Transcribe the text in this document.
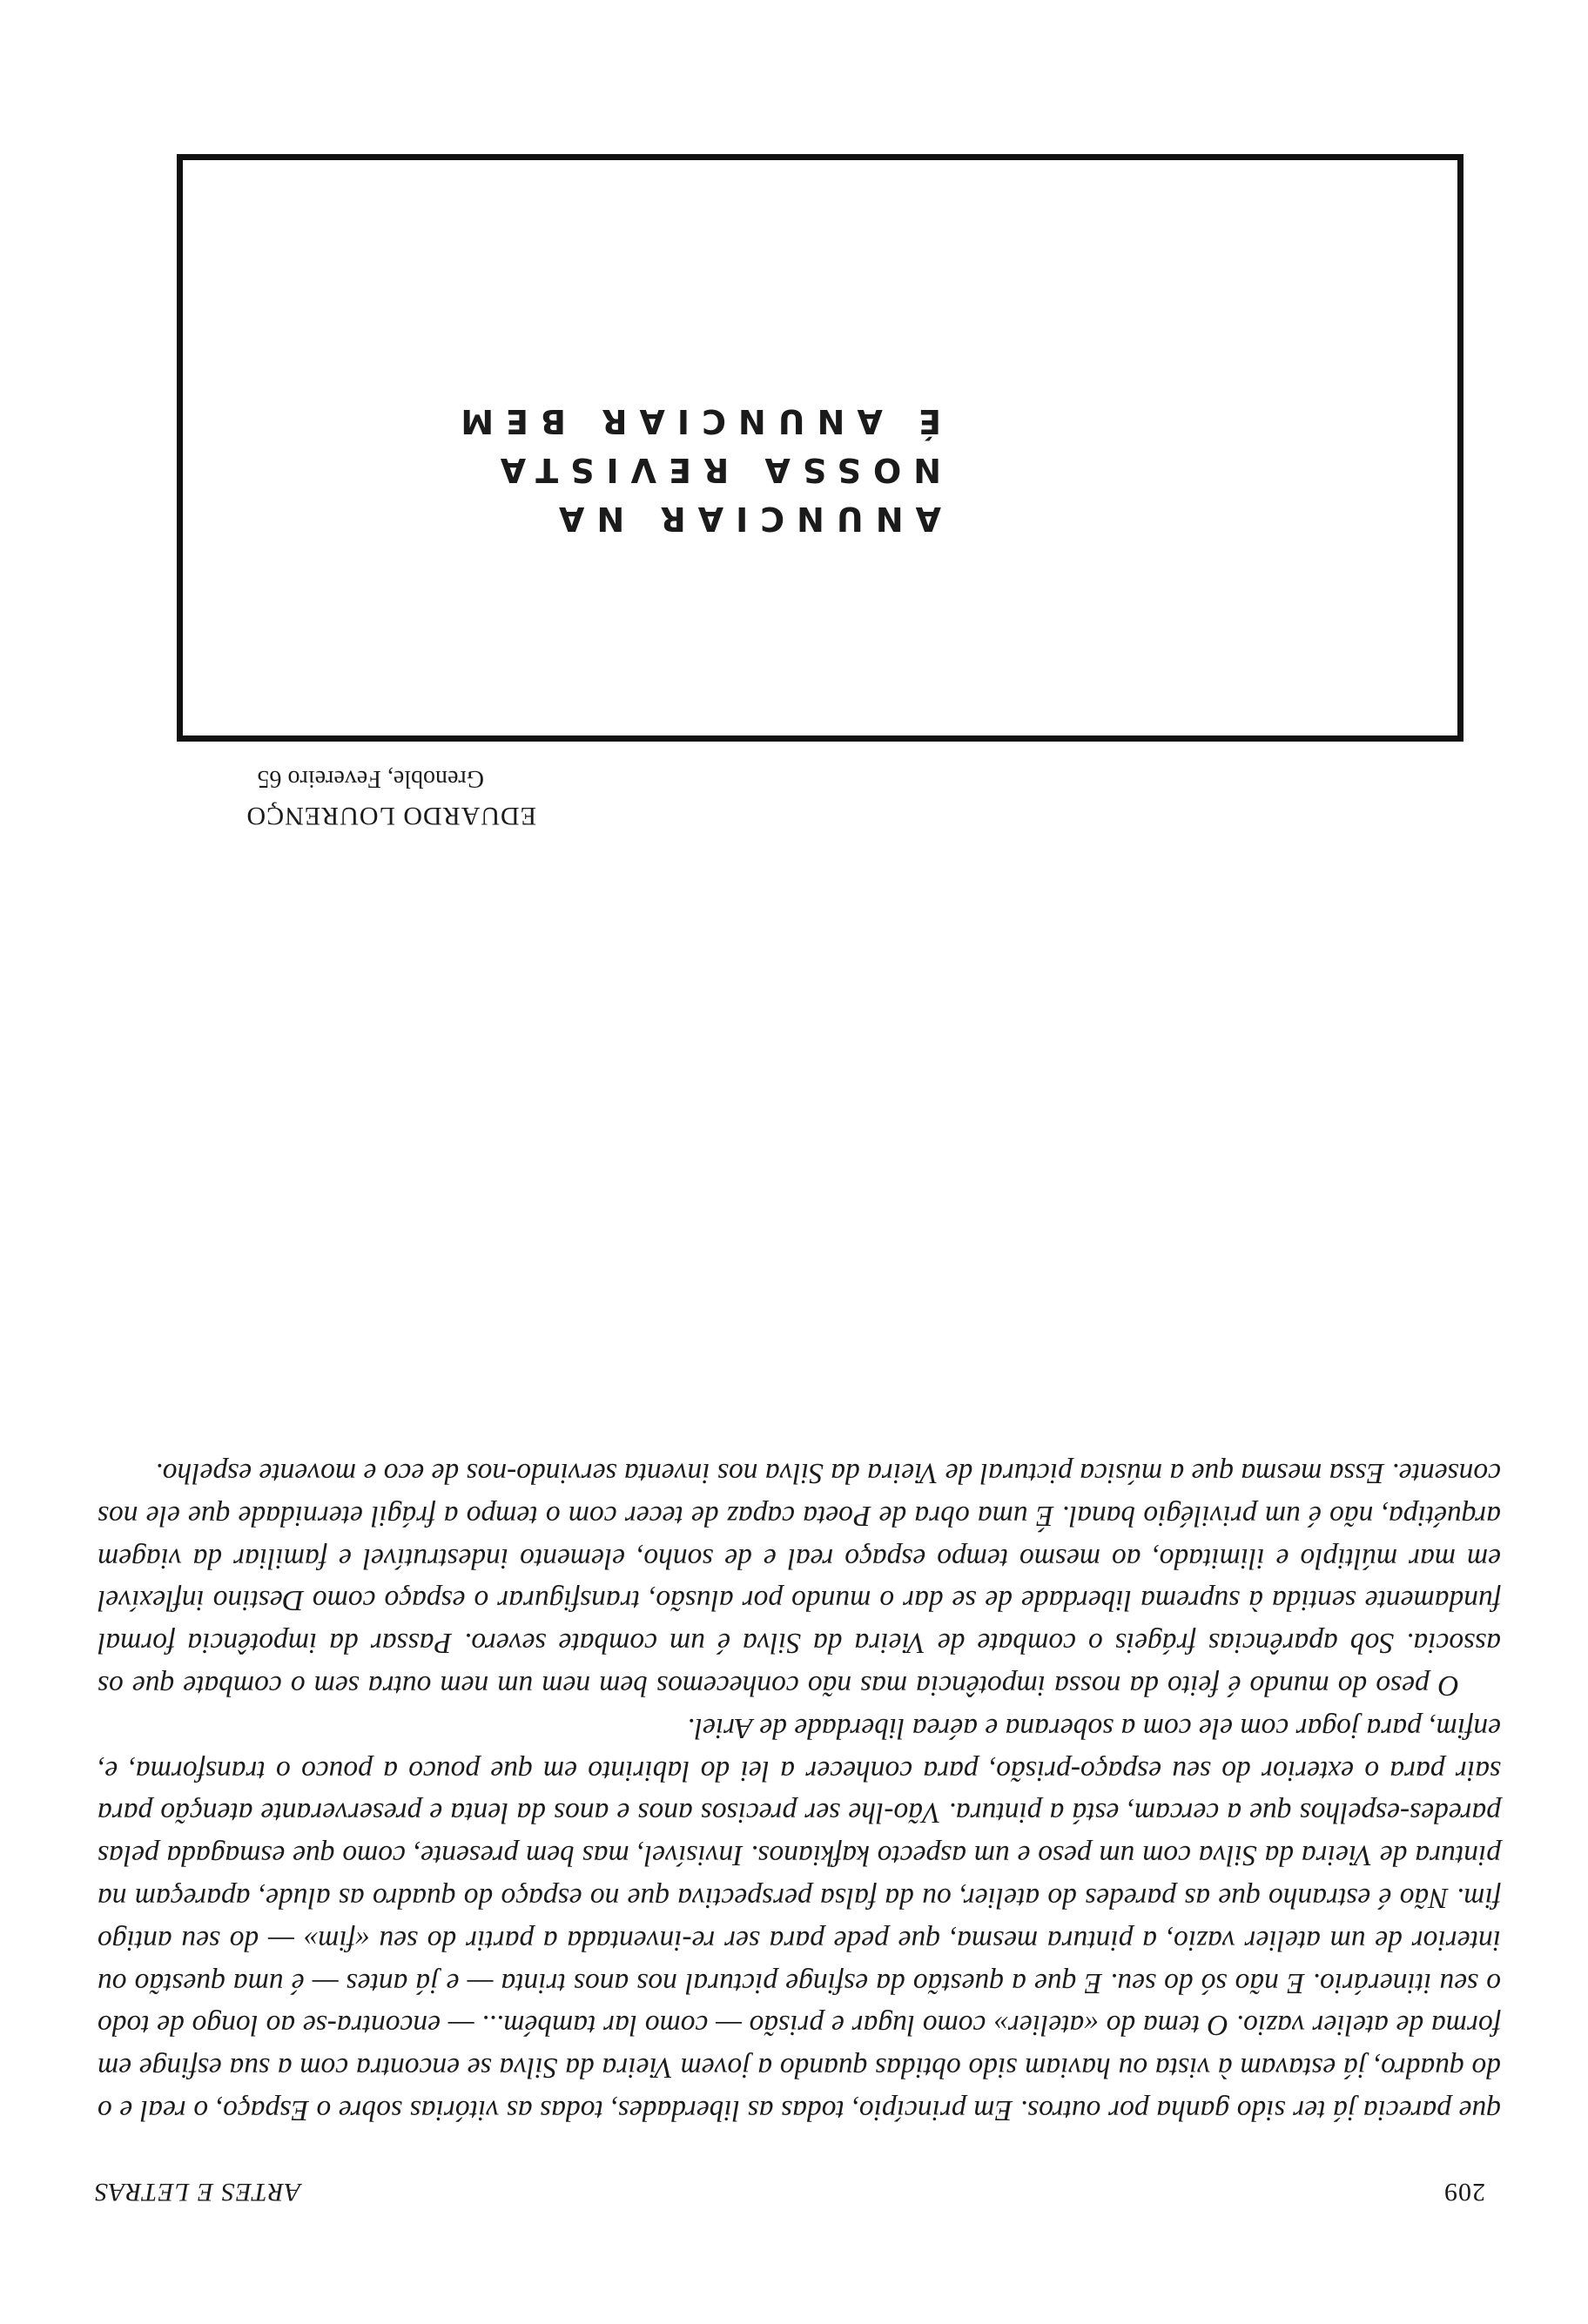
209
ARTES E LETRAS

que parecia já ter sido ganha por outros. Em princípio, todas as liberdades, todas as vitórias sobre o Espaço, o real e o do quadro, já estavam à vista ou haviam sido obtidas quando a jovem Vieira da Silva se encontra com a sua esfinge em forma de atelier vazio. O tema do «atelier» como lugar e prisão — como lar também... — encontra-se ao longo de todo o seu itinerário. E não só do seu. E que a questão da esfinge pictural nos anos trinta — e já antes — é uma questão ou interior de um atelier vazio, a pintura mesma, que pede para ser re-inventada a partir do seu «fim» — do seu antigo fim. Não é estranho que as paredes do atelier, ou da falsa perspectiva que no espaço do quadro as alude, apareçam na pintura de Vieira da Silva com um peso e um aspecto kafkianos. Invisível, mas bem presente, como que esmagada pelas paredes-espelhos que a cercam, está a pintura. Vão-lhe ser precisos anos e anos da lenta e preserverante atenção para sair para o exterior do seu espaço-prisão, para conhecer a lei do labirinto em que pouco a pouco o transforma, e, enfim, para jogar com ele com a soberana e aérea liberdade de Ariel.

O peso do mundo é feito da nossa impotência mas não conhecemos bem nem um nem outra sem o combate que os associa. Sob aparências frágeis o combate de Vieira da Silva é um combate severo. Passar da impotência formal fundamente sentida à suprema liberdade de se dar o mundo por alusão, transfigurar o espaço como Destino inflexível em mar múltiplo e ilimitado, ao mesmo tempo espaço real e de sonho, elemento indestrutível e familiar da viagem arquétipa, não é um privilégio banal. É uma obra de Poeta capaz de tecer com o tempo a frágil eternidade que ele nos consente. Essa mesma que a música pictural de Vieira da Silva nos inventa servindo-nos de eco e movente espelho.

EDUARDO LOURENÇO
Grenoble, Fevereiro 65
ANUNCIAR NA
NOSSA REVISTA
É ANUNCIAR BEM
